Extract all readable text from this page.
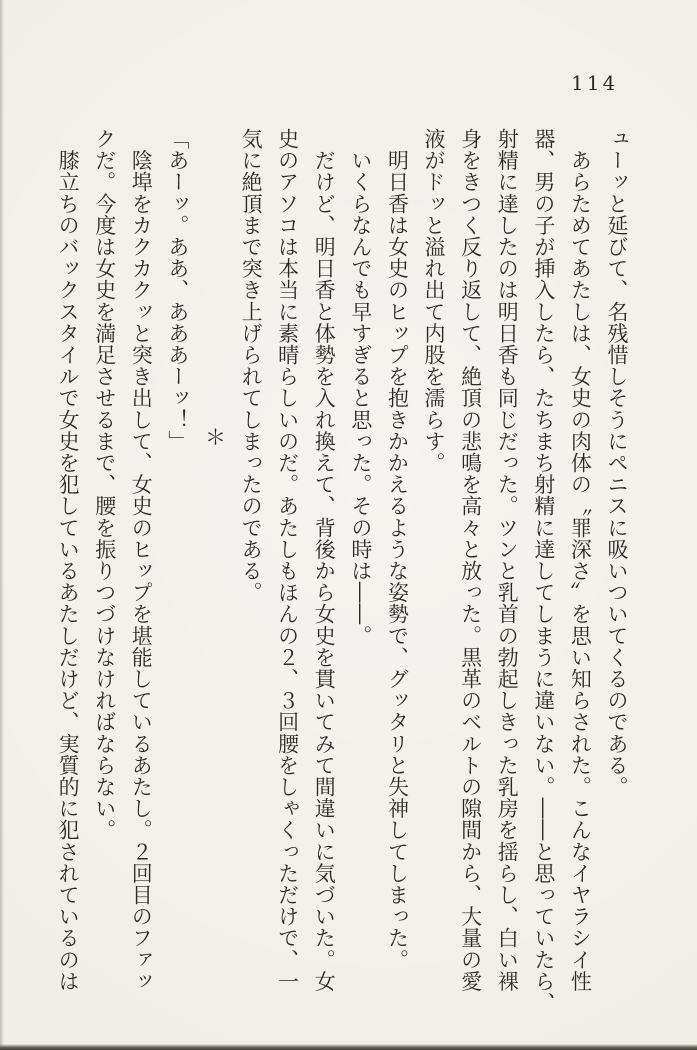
114
ューッと延びて、名残惜しそうにペニスに吸いついてくるのである。
　あらためてあたしは、女史の肉体の〝罪深さ〟を思い知らされた。こんなイヤラシイ性
器、男の子が挿入したら、たちまち射精に達してしまうに違いない。――と思っていたら、
射精に達したのは明日香も同じだった。ツンと乳首の勃起しきった乳房を揺らし、白い裸
身をきつく反り返して、絶頂の悲鳴を高々と放った。黒革のベルトの隙間から、大量の愛
液がドッと溢れ出て内股を濡らす。
　明日香は女史のヒップを抱きかかえるような姿勢で、グッタリと失神してしまった。
　いくらなんでも早すぎると思った。その時は――。
　だけど、明日香と体勢を入れ換えて、背後から女史を貫いてみて間違いに気づいた。女
史のアソコは本当に素晴らしいのだ。あたしもほんの２、３回腰をしゃくっただけで、一
気に絶頂まで突き上げられてしまったのである。
＊
「あーッ。ああ、あああーッ！」
　陰埠をカクカクッと突き出して、女史のヒップを堪能しているあたし。２回目のファッ
クだ。今度は女史を満足させるまで、腰を振りつづけなければならない。
　膝立ちのバックスタイルで女史を犯しているあたしだけど、実質的に犯されているのは
